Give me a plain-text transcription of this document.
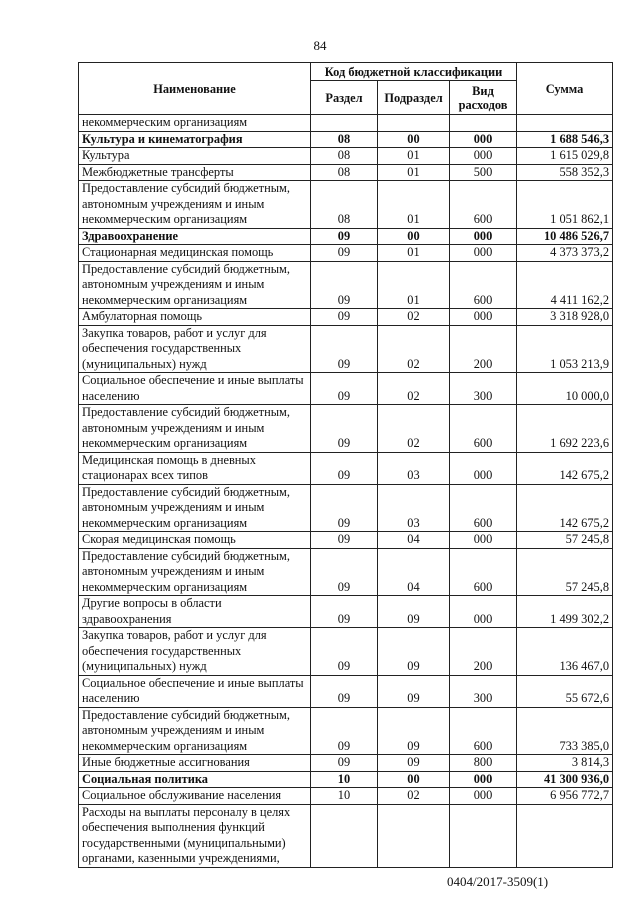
84
Наименование	Код бюджетной классификации			Сумма
	Раздел	Подраздел	Вид расходов	
некоммерческим организациям				
Культура и кинематография	08	00	000	1 688 546,3
Культура	08	01	000	1 615 029,8
Межбюджетные трансферты	08	01	500	558 352,3
Предоставление субсидий бюджетным, автономным учреждениям и иным некоммерческим организациям	08	01	600	1 051 862,1
Здравоохранение	09	00	000	10 486 526,7
Стационарная медицинская помощь	09	01	000	4 373 373,2
Предоставление субсидий бюджетным, автономным учреждениям и иным некоммерческим организациям	09	01	600	4 411 162,2
Амбулаторная помощь	09	02	000	3 318 928,0
Закупка товаров, работ и услуг для обеспечения государственных (муниципальных) нужд	09	02	200	1 053 213,9
Социальное обеспечение и иные выплаты населению	09	02	300	10 000,0
Предоставление субсидий бюджетным, автономным учреждениям и иным некоммерческим организациям	09	02	600	1 692 223,6
Медицинская помощь в дневных стационарах всех типов	09	03	000	142 675,2
Предоставление субсидий бюджетным, автономным учреждениям и иным некоммерческим организациям	09	03	600	142 675,2
Скорая медицинская помощь	09	04	000	57 245,8
Предоставление субсидий бюджетным, автономным учреждениям и иным некоммерческим организациям	09	04	600	57 245,8
Другие вопросы в области здравоохранения	09	09	000	1 499 302,2
Закупка товаров, работ и услуг для обеспечения государственных (муниципальных) нужд	09	09	200	136 467,0
Социальное обеспечение и иные выплаты населению	09	09	300	55 672,6
Предоставление субсидий бюджетным, автономным учреждениям и иным некоммерческим организациям	09	09	600	733 385,0
Иные бюджетные ассигнования	09	09	800	3 814,3
Социальная политика	10	00	000	41 300 936,0
Социальное обслуживание населения	10	02	000	6 956 772,7
Расходы на выплаты персоналу в целях обеспечения выполнения функций государственными (муниципальными) органами, казенными учреждениями,				
0404/2017-3509(1)
